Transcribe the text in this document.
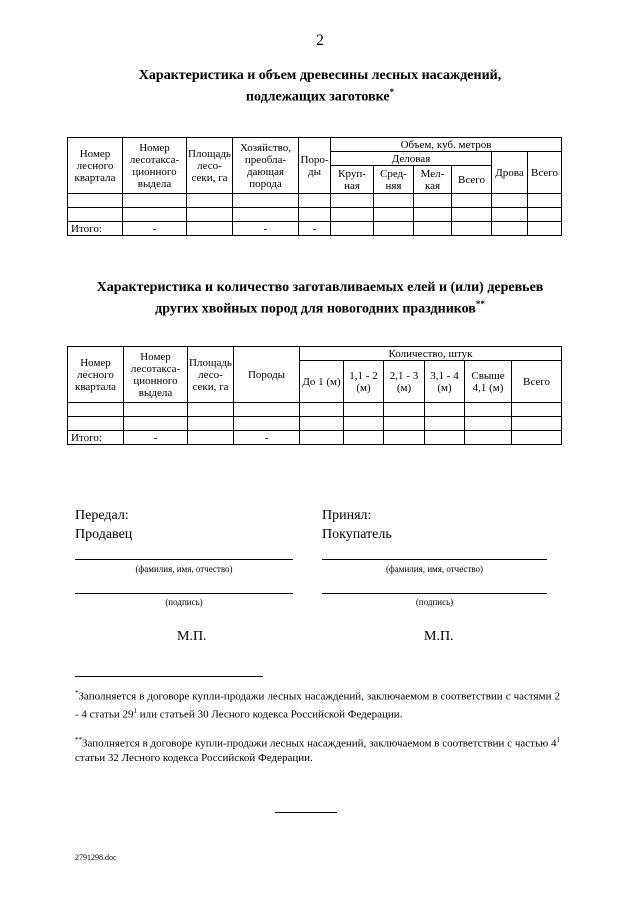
2
Характеристика и объем древесины лесных насаждений,
подлежащих заготовке*
Номер лесного квартала	Номер лесотакса-ционного выдела	Площадь лесо-секи, га	Хозяйство, преобла-дающая порода	Поро-ды	Объем, куб. метров					
					Деловая				Дрова	Всего
					Круп-ная	Сред-няя	Мел-кая	Всего		

Итого:	-		-	-						
Характеристика и количество заготавливаемых елей и (или) деревьев
других хвойных пород для новогодних праздников**
Номер лесного квартала	Номер лесотакса-ционного выдела	Площадь лесо-секи, га	Породы	Количество, штук					
				До 1 (м)	1,1 - 2 (м)	2,1 - 3 (м)	3,1 - 4 (м)	Свыше 4,1 (м)	Всего

Итого:	-		-						
Передал:
Продавец
Принял:
Покупатель
(фамилия, имя, отчество)	(фамилия, имя, отчество)
(подпись)	(подпись)
М.П.	М.П.
*Заполняется в договоре купли-продажи лесных насаждений, заключаемом в соответствии с частями 2 - 4 статьи $29^1$ или статьей 30 Лесного кодекса Российской Федерации.
**Заполняется в договоре купли-продажи лесных насаждений, заключаемом в соответствии с частью $4^1$ статьи 32 Лесного кодекса Российской Федерации.
2791298.doc
